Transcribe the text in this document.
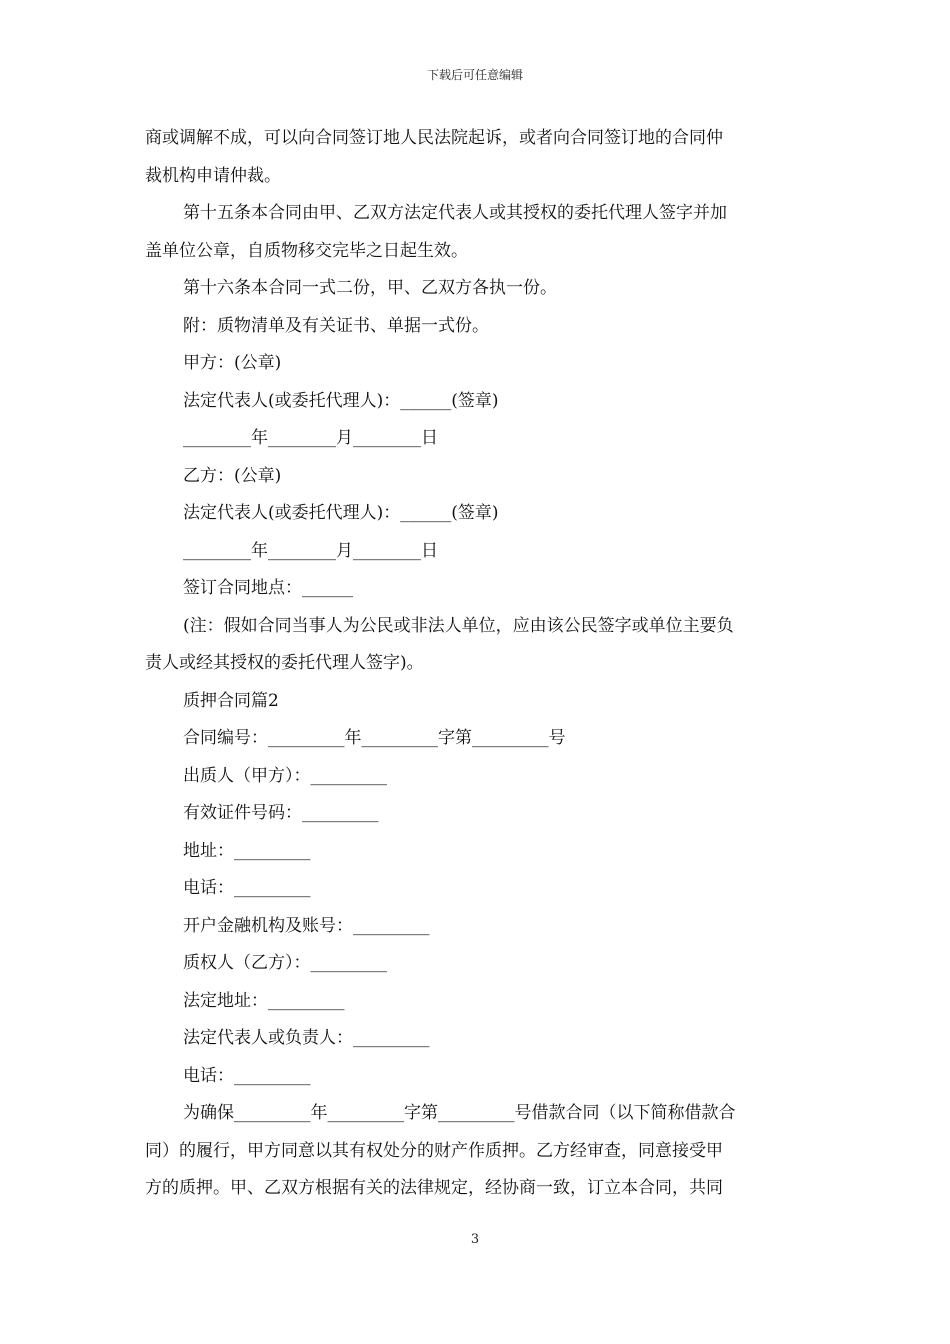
下载后可任意编辑
商或调解不成，可以向合同签订地人民法院起诉，或者向合同签订地的合同仲
裁机构申请仲裁。
第十五条本合同由甲、乙双方法定代表人或其授权的委托代理人签字并加
盖单位公章，自质物移交完毕之日起生效。
第十六条本合同一式二份，甲、乙双方各执一份。
附：质物清单及有关证书、单据一式份。
甲方：(公章)
法定代表人(或委托代理人)：______(签章)
________年________月________日
乙方：(公章)
法定代表人(或委托代理人)：______(签章)
________年________月________日
签订合同地点：______
(注：假如合同当事人为公民或非法人单位，应由该公民签字或单位主要负
责人或经其授权的委托代理人签字)。
质押合同篇2
合同编号：_________年_________字第_________号
出质人（甲方）：_________
有效证件号码：_________
地址：_________
电话：_________
开户金融机构及账号：_________
质权人（乙方）：_________
法定地址：_________
法定代表人或负责人：_________
电话：_________
为确保_________年_________字第_________号借款合同（以下简称借款合
同）的履行，甲方同意以其有权处分的财产作质押。乙方经审查，同意接受甲
方的质押。甲、乙双方根据有关的法律规定，经协商一致，订立本合同，共同
3
